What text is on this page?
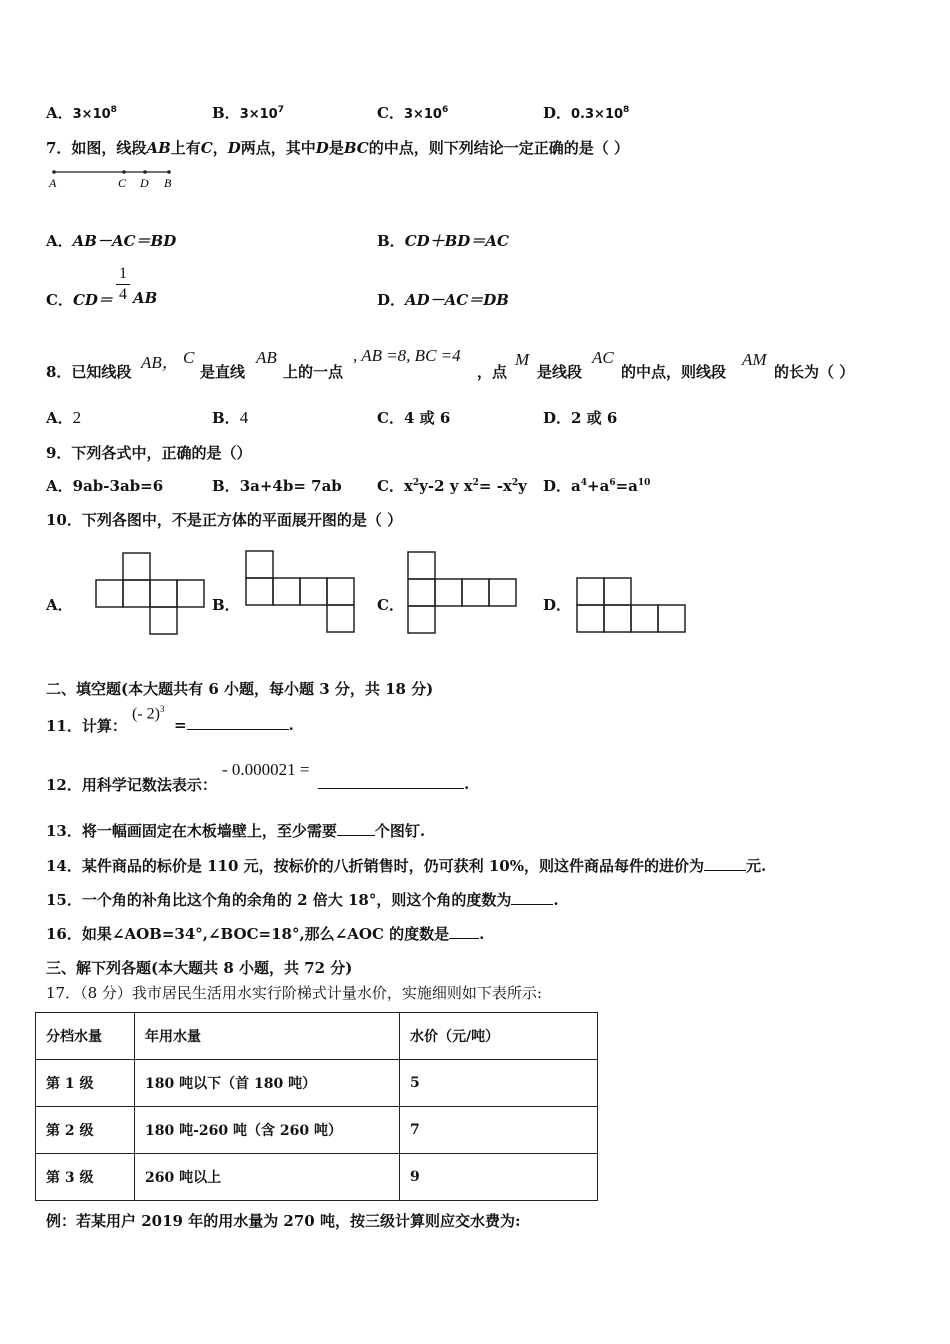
A．$3\times 10^8$	B．$3\times 10^7$	C．$3\times 10^6$	D．$0.3\times 10^8$
7．如图，线段AB上有C，D两点，其中D是BC的中点，则下列结论一定正确的是（ ）
A	C D B
A．AB－AC＝BD	B．CD＋BD＝AC
C．CD＝
1
4 AB	D．AD－AC＝DB
8．已知线段 AB， C
是直线
AB
上的一点
, AB =8, BC =4
，点
M
是线段
AC
的中点，则线段
AM
的长为（ ）
A．2	B．4	C．4 或 6	D．2 或 6
9．下列各式中，正确的是（）
A．9ab-3ab=6	B．3a+4b= 7ab C．$x^2y-2$ y $x^2= -x^2y$ D．$a^4+a^6=a^{10}$
10．下列各图中，不是正方体的平面展开图的是（ ）
A．	B．	C．	D．
二、填空题(本大题共有 6 小题，每小题 3 分，共 18 分)
11．计算：
(- 2)$^3$
=	.
12．用科学记数法表示：
- 0.000021 =
.
13．将一幅画固定在木板墙壁上，至少需要	个图钉.
14．某件商品的标价是 110 元，按标价的八折销售时，仍可获利 10%，则这件商品每件的进价为	元.
15．一个角的补角比这个角的余角的 2 倍大 18°，则这个角的度数为	.
16．如果∠AOB=34°,∠BOC=18°,那么∠AOC 的度数是 .
三、解下列各题(本大题共 8 小题，共 72 分)
17．（8 分）我市居民生活用水实行阶梯式计量水价，实施细则如下表所示:
分档水量	年用水量	水价（元/吨）
第 1 级	180 吨以下（首 180 吨）	5
第 2 级	180 吨-260 吨（含 260 吨）	7
第 3 级	260 吨以上	9
例：若某用户 2019 年的用水量为 270 吨，按三级计算则应交水费为:
